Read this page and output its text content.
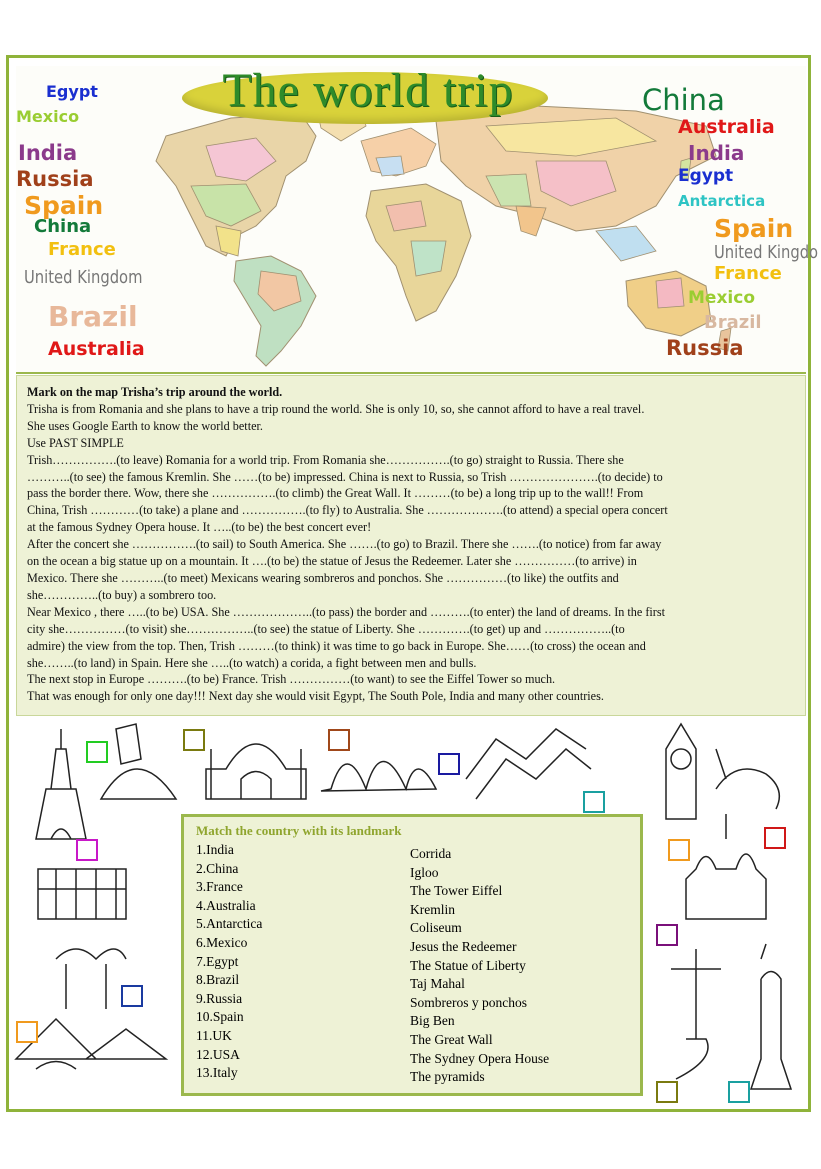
The world trip
Egypt
Mexico
India
Russia
Spain
China
France
United Kingdom
Brazil
Australia
China
Australia
India
Egypt
Antarctica
Spain
United Kingdo
France
Mexico
Brazil
Russia

Mark on the map Trisha’s trip around the world.

Trisha is from Romania and she plans to have a trip round the world. She is only 10, so, she cannot afford to have a real travel.

She uses Google Earth to know the world better.

Use PAST SIMPLE

Trish…………….(to leave) Romania for a world trip. From Romania she…………….(to go) straight to Russia. There she

………..(to see) the famous Kremlin. She ……(to be) impressed. China is next to Russia, so Trish ………………….(to decide) to

pass the border there. Wow, there she …………….(to climb) the Great Wall. It ………(to be) a long trip up to the wall!! From

China, Trish …………(to take) a plane and …………….(to fly) to Australia. She ……………….(to attend) a special opera concert

at the famous Sydney Opera house. It …..(to be) the best concert ever!

After the concert she …………….(to sail) to South America. She …….(to go) to Brazil. There she …….(to notice) from far away

on the ocean a big statue up on a mountain. It ….(to be) the statue of Jesus the Redeemer. Later she ……………(to arrive) in

Mexico. There she ………..(to meet) Mexicans wearing sombreros and ponchos. She ……………(to like) the outfits and

she…………..(to buy) a sombrero too.

Near Mexico , there …..(to be) USA. She ………………..(to pass) the border and ……….(to enter) the land of dreams. In the first

city she……………(to visit) she……………..(to see) the statue of Liberty. She ………….(to get) up and ……………..(to

admire) the view from the top. Then, Trish ………(to think) it was time to go back in Europe. She……(to cross) the ocean and

she……..(to land) in Spain. Here she …..(to watch) a corida, a fight between men and bulls.

The next stop in Europe ……….(to be) France. Trish ……………(to want) to see the Eiffel Tower so much.

That was enough for only one day!!! Next day she would visit Egypt, The South Pole, India and many other countries.

Match the country with its landmark
1.India
2.China
3.France
4.Australia
5.Antarctica
6.Mexico
7.Egypt
8.Brazil
9.Russia
10.Spain
11.UK
12.USA
13.Italy
Corrida
Igloo
The Tower Eiffel
Kremlin
Coliseum
Jesus the Redeemer
The Statue of Liberty
Taj Mahal
Sombreros y ponchos
Big Ben
The Great Wall
The Sydney Opera House
The pyramids
